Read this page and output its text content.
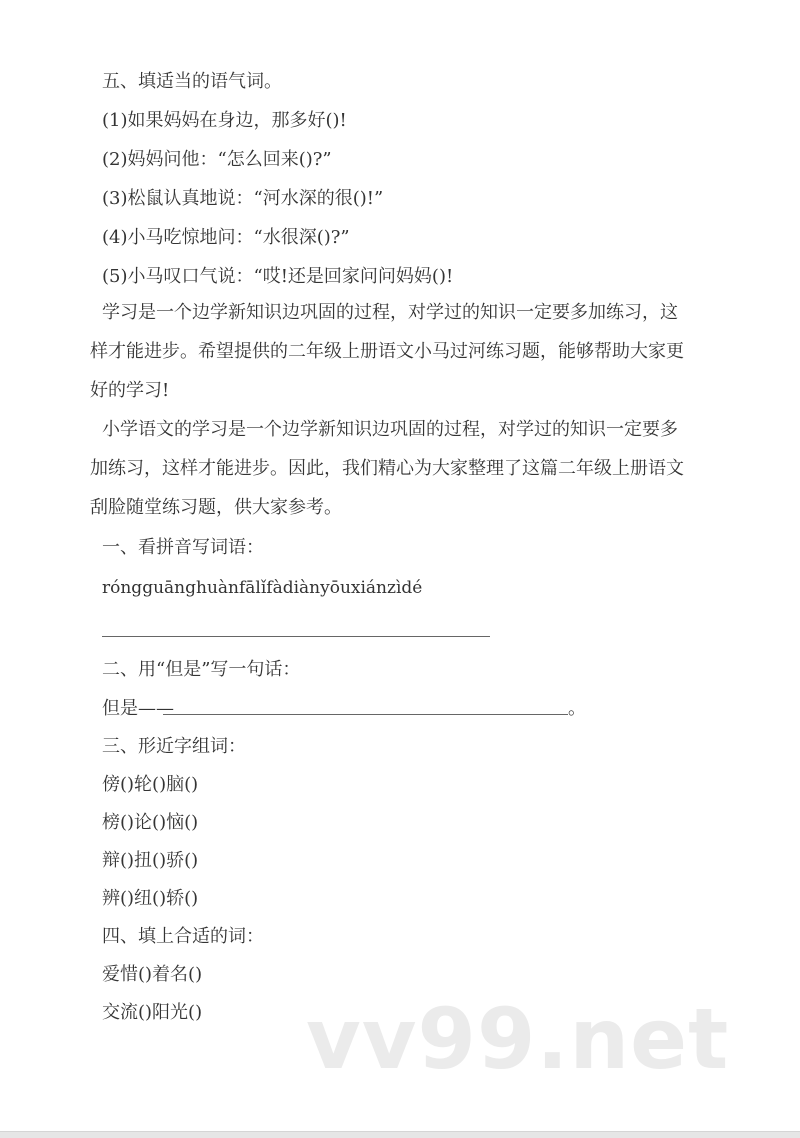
五、填适当的语气词。
(1)如果妈妈在身边，那多好()!
(2)妈妈问他：“怎么回来()?”
(3)松鼠认真地说：“河水深的很()!”
(4)小马吃惊地问：“水很深()?”
(5)小马叹口气说：“哎!还是回家问问妈妈()!
学习是一个边学新知识边巩固的过程，对学过的知识一定要多加练习，这
样才能进步。希望提供的二年级上册语文小马过河练习题，能够帮助大家更
好的学习!
小学语文的学习是一个边学新知识边巩固的过程，对学过的知识一定要多
加练习，这样才能进步。因此，我们精心为大家整理了这篇二年级上册语文
刮脸随堂练习题，供大家参考。
一、看拼音写词语：
róngguānghuànfālǐfàdiànyōuxiánzìdé
二、用“但是”写一句话：
但是——	。
三、形近字组词：
傍()轮()脑()
榜()论()恼()
辩()扭()骄()
辨()纽()轿()
四、填上合适的词：
爱惜()着名()
交流()阳光() vv99.net
